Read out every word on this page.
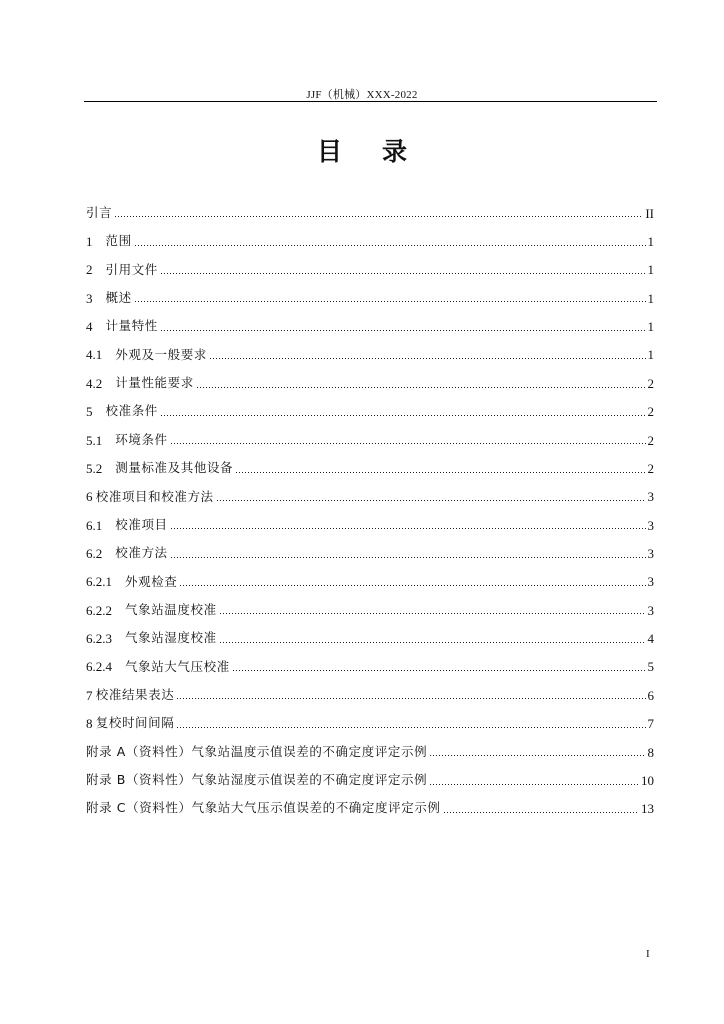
JJF（机械）XXX-2022
目 录
引言	II
1  范围	1
2  引用文件	1
3  概述	1
4  计量特性	1
4.1  外观及一般要求	1
4.2  计量性能要求	2
5  校准条件	2
5.1  环境条件	2
5.2  测量标准及其他设备	2
6 校准项目和校准方法	3
6.1  校准项目	3
6.2  校准方法	3
6.2.1  外观检查	3
6.2.2  气象站温度校准	3
6.2.3  气象站湿度校准	4
6.2.4  气象站大气压校准	5
7 校准结果表达	6
8 复校时间间隔	7
附录 A（资料性）气象站温度示值误差的不确定度评定示例	8
附录 B（资料性）气象站湿度示值误差的不确定度评定示例	10
附录 C（资料性）气象站大气压示值误差的不确定度评定示例	13
I
